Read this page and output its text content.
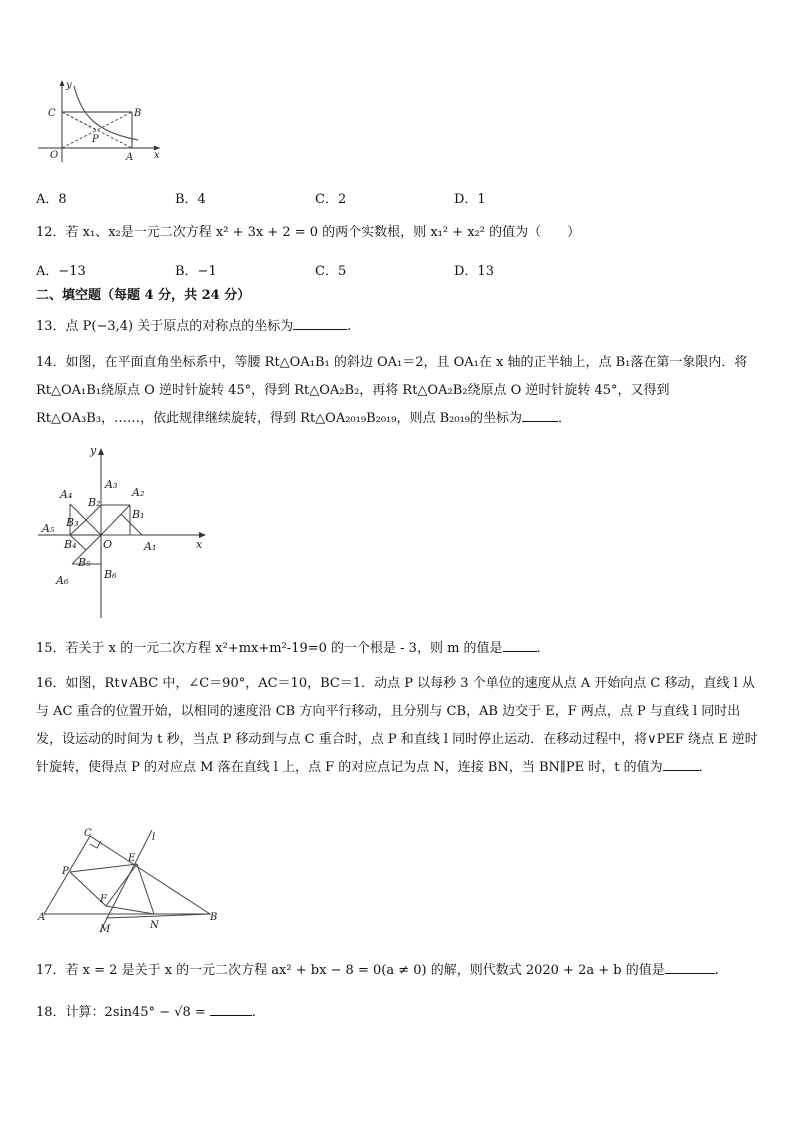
y
x
C	B
P
O	A
A．8	B．4	C．2	D．1
12．若 x₁、x₂是一元二次方程 x² + 3x + 2 = 0 的两个实数根，则 x₁² + x₂² 的值为（　　）
A．−13	B．−1	C．5	D．13
二、填空题（每题 4 分，共 24 分）
13．点 P(−3,4) 关于原点的对称点的坐标为	.
14．如图，在平面直角坐标系中，等腰 Rt△OA₁B₁ 的斜边 OA₁＝2，且 OA₁在 x 轴的正半轴上，点 B₁落在第一象限内．将 Rt△OA₁B₁绕原点 O 逆时针旋转 45°，得到 Rt△OA₂B₂，再将 Rt△OA₂B₂绕原点 O 逆时针旋转 45°，又得到 Rt△OA₃B₃，……，依此规律继续旋转，得到 Rt△OA₂₀₁₉B₂₀₁₉，则点 B₂₀₁₉的坐标为	．
y
x
O	A₁
B₁
A₂
B₂
A₃
A₄
B₃
A₅
B₄
B₅
A₆	B₆
15．若关于 x 的一元二次方程 x²+mx+m²-19=0 的一个根是 - 3，则 m 的值是	.
16．如图，Rt∨ABC 中，∠C＝90°，AC＝10，BC＝1．动点 P 以每秒 3 个单位的速度从点 A 开始向点 C 移动，直线 l 从与 AC 重合的位置开始，以相同的速度沿 CB 方向平行移动，且分别与 CB，AB 边交于 E，F 两点，点 P 与直线 l 同时出发，设运动的时间为 t 秒，当点 P 移动到与点 C 重合时，点 P 和直线 l 同时停止运动．在移动过程中，将∨PEF 绕点 E 逆时针旋转，使得点 P 的对应点 M 落在直线 l 上，点 F 的对应点记为点 N，连接 BN，当 BN∥PE 时，t 的值为	．
C
E
l
P
F
A	B
M	N
17．若 x = 2 是关于 x 的一元二次方程 ax² + bx − 8 = 0(a ≠ 0) 的解，则代数式 2020 + 2a + b 的值是	.
18．计算：2sin45° − √8 =	.
